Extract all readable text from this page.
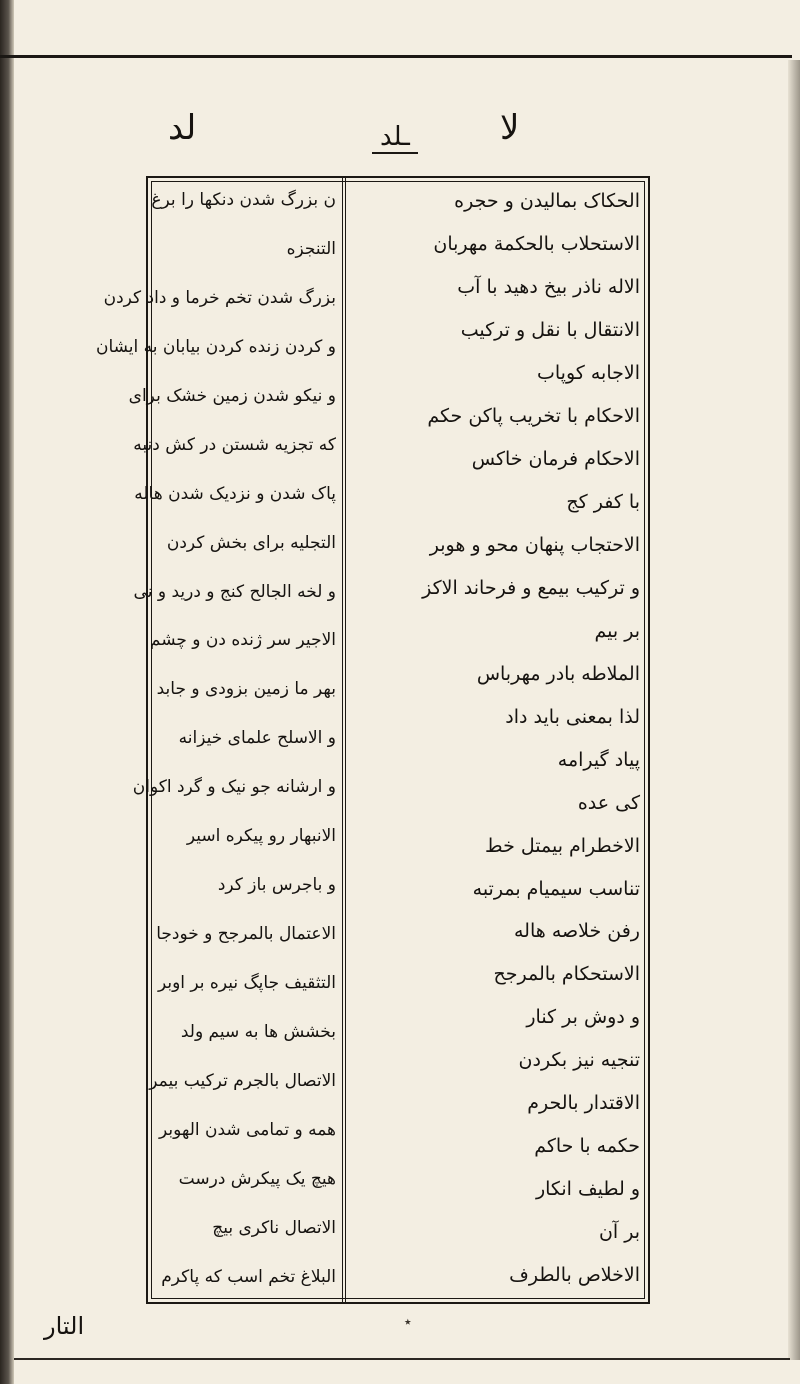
لد	ـلد	لا
ن بزرگ شدن دنکها را برغ
التنجزه
بزرگ شدن تخم خرما و داد کردن
و کردن زنده کردن بیابان به ایشان
و نیکو شدن زمین خشک برای
که تجزیه شستن در کش دنبه
پاک شدن و نزدیک شدن هاله
التجلیه برای بخش کردن
و لخه الجالح کنج و درید و نی
الاجیر سر ژنده دن و چشم
بهر ما زمین بزودی و جابد
و الاسلح علمای خیزانه
و ارشانه جو نیک و گرد اکوان
الانبهار رو پیکره اسیر
و باجرس باز کرد
الاعتمال بالمرجح و خودجا
التثقیف جاپگ نیره بر اوبر
بخشش ها به سیم ولد
الاتصال بالجرم ترکیب بیمر
همه و تمامی شدن الهوبر
هیچ یک پیکرش درست
الاتصال ناکری بیچ
البلاغ تخم اسب که پاکرم
الحکاک بمالیدن و حجره
الاستحلاب بالحکمة مهربان
الاله ناذر بیخ دهید با آب
الانتقال با نقل و ترکیب
الاجابه کوپاب
الاحکام با تخریب پاکن حکم
الاحکام فرمان خاکس
با کفر کج
الاحتجاب پنهان محو و هوبر
و ترکیب بیمع و فرحاند الاکز
بر بیم
الملاطه بادر مهرباس
لذا بمعنی باید داد
پیاد گیرامه
کی عده
الاخطرام بیمتل خط
تناسب سیمیام بمرتبه
رفن خلاصه هاله
الاستحکام بالمرجح
و دوش بر کنار
تنجیه نیز بکردن
الاقتدار بالحرم
حکمه با حاکم
و لطیف انکار
بر آن
الاخلاص بالطرف
التار	٭
